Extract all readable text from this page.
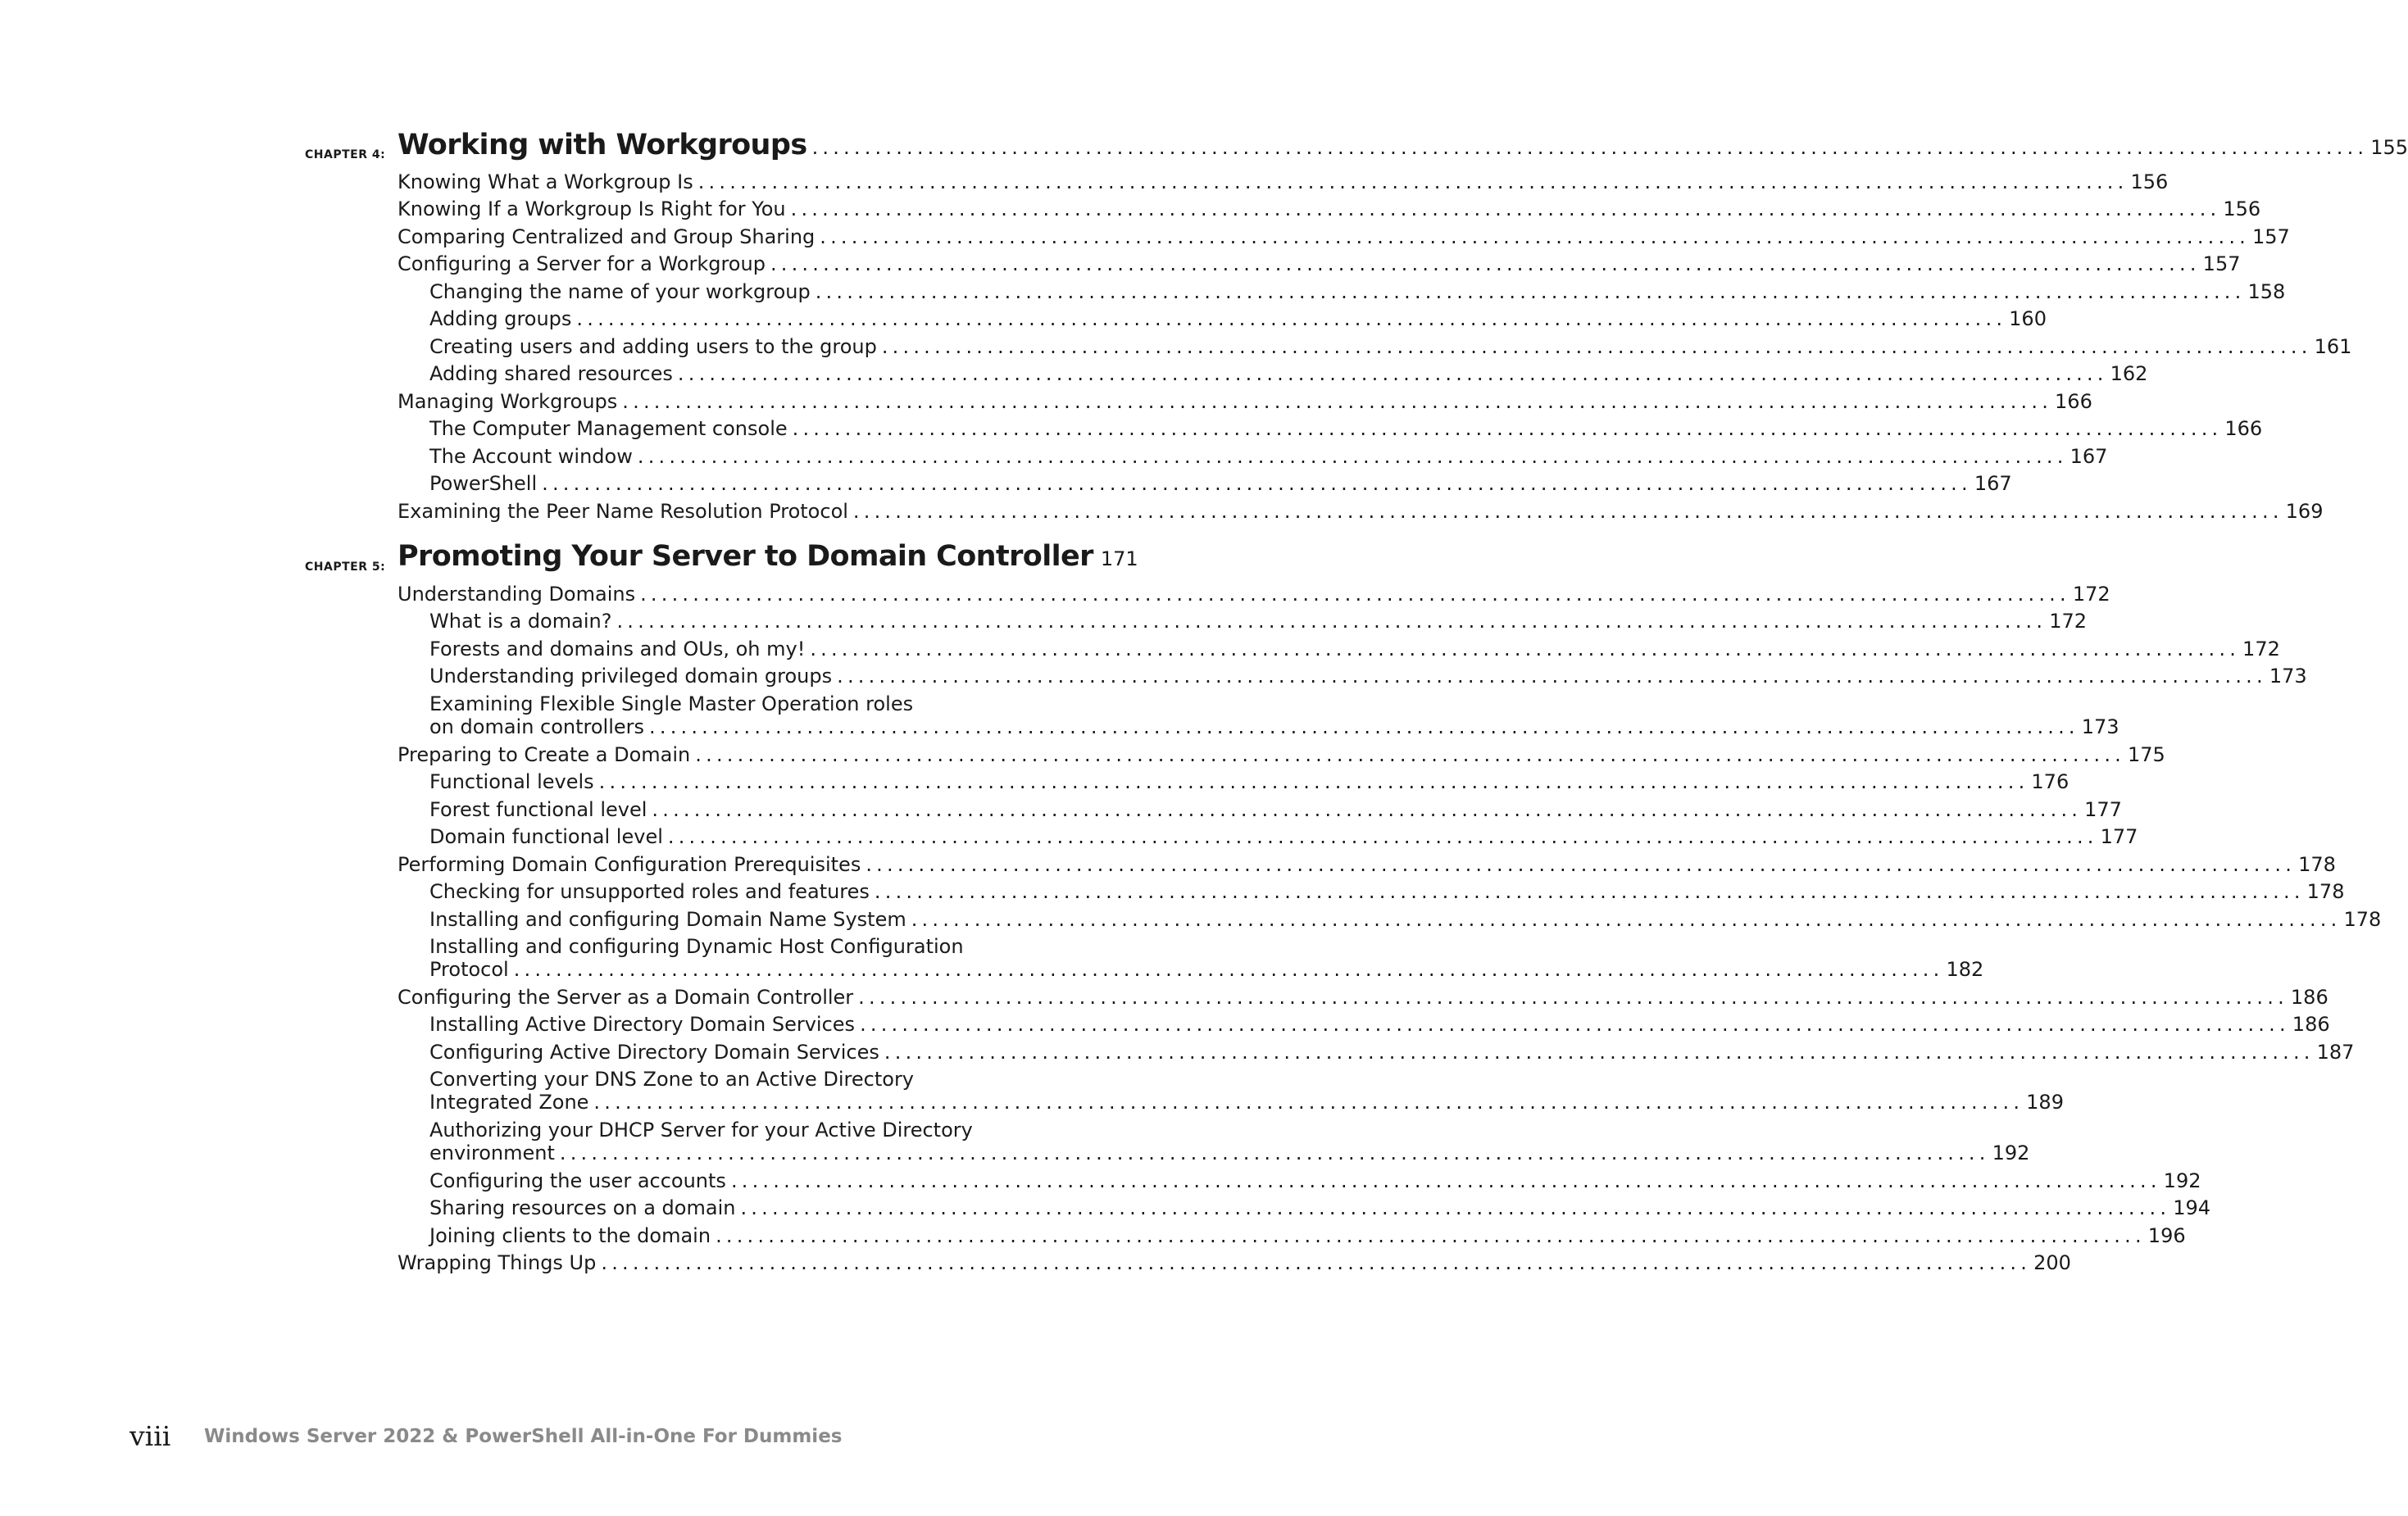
CHAPTER 4: Working with Workgroups .................................................................................................................................................... 155
Knowing What a Workgroup Is ........................................................................................................................................ 156
Knowing If a Workgroup Is Right for You ........................................................................................................................................ 156
Comparing Centralized and Group Sharing ........................................................................................................................................ 157
Configuring a Server for a Workgroup ........................................................................................................................................ 157
Changing the name of your workgroup ........................................................................................................................................ 158
Adding groups ........................................................................................................................................ 160
Creating users and adding users to the group ........................................................................................................................................ 161
Adding shared resources ........................................................................................................................................ 162
Managing Workgroups ........................................................................................................................................ 166
The Computer Management console ........................................................................................................................................ 166
The Account window ........................................................................................................................................ 167
PowerShell ........................................................................................................................................ 167
Examining the Peer Name Resolution Protocol ........................................................................................................................................ 169
CHAPTER 5: Promoting Your Server to Domain Controller 171
Understanding Domains ........................................................................................................................................ 172
What is a domain? ........................................................................................................................................ 172
Forests and domains and OUs, oh my! ........................................................................................................................................ 172
Understanding privileged domain groups ........................................................................................................................................ 173
Examining Flexible Single Master Operation roles
on domain controllers ........................................................................................................................................ 173
Preparing to Create a Domain ........................................................................................................................................ 175
Functional levels ........................................................................................................................................ 176
Forest functional level ........................................................................................................................................ 177
Domain functional level ........................................................................................................................................ 177
Performing Domain Configuration Prerequisites ........................................................................................................................................ 178
Checking for unsupported roles and features ........................................................................................................................................ 178
Installing and configuring Domain Name System ........................................................................................................................................ 178
Installing and configuring Dynamic Host Configuration
Protocol ........................................................................................................................................ 182
Configuring the Server as a Domain Controller ........................................................................................................................................ 186
Installing Active Directory Domain Services ........................................................................................................................................ 186
Configuring Active Directory Domain Services ........................................................................................................................................ 187
Converting your DNS Zone to an Active Directory
Integrated Zone ........................................................................................................................................ 189
Authorizing your DHCP Server for your Active Directory
environment ........................................................................................................................................ 192
Configuring the user accounts ........................................................................................................................................ 192
Sharing resources on a domain ........................................................................................................................................ 194
Joining clients to the domain ........................................................................................................................................ 196
Wrapping Things Up ........................................................................................................................................ 200
viii Windows Server 2022 & PowerShell All-in-One For Dummies
